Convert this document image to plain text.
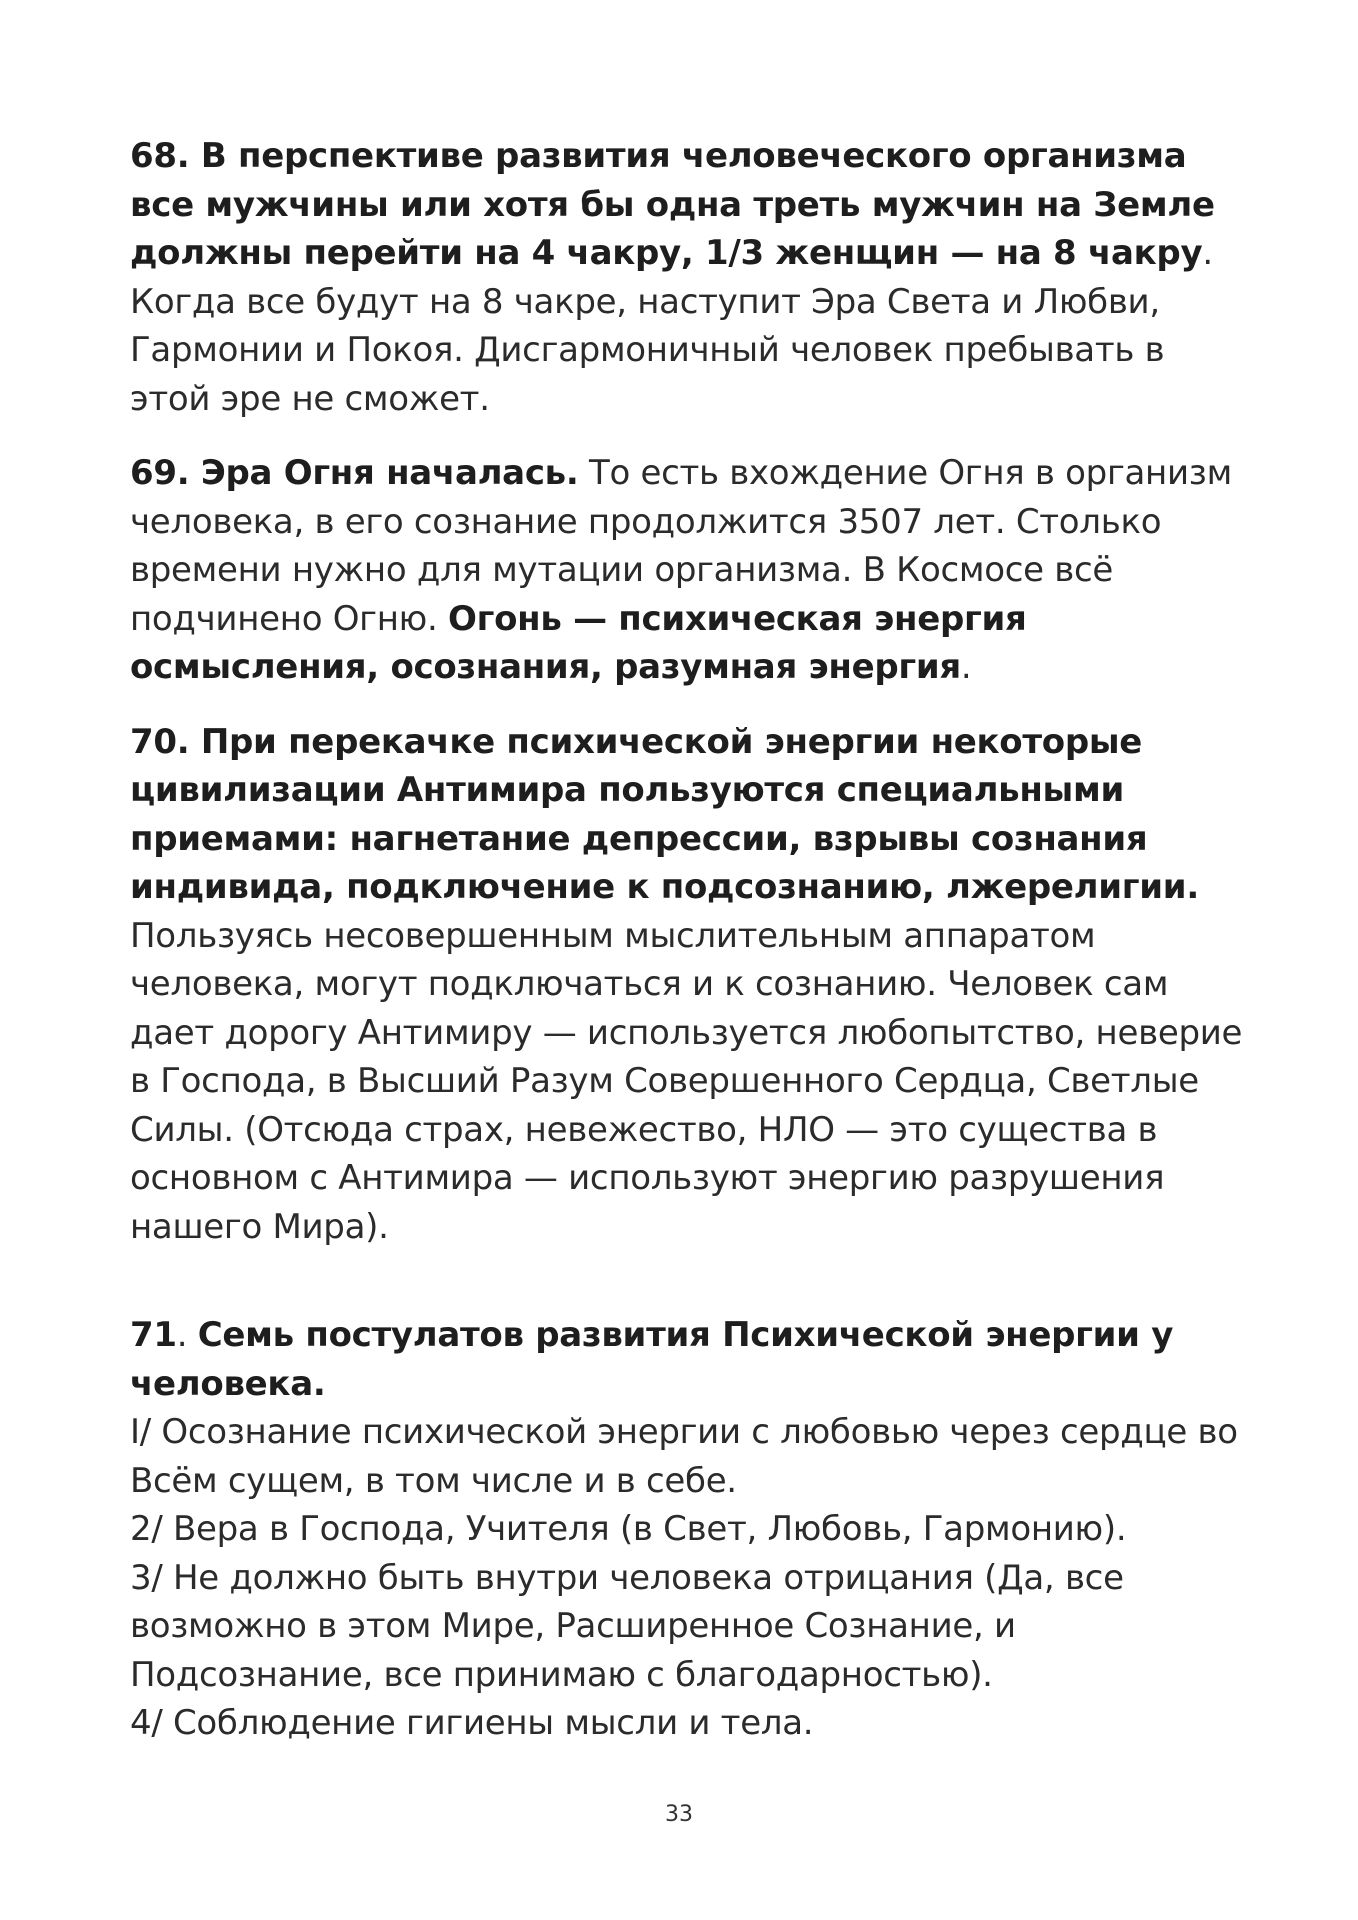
68. В перспективе развития человеческого организма все мужчины или хотя бы одна треть мужчин на Земле должны перейти на 4 чакру, 1/3 женщин — на 8 чакру. Когда все будут на 8 чакре, наступит Эра Света и Любви, Гармонии и Покоя. Дисгармоничный человек пребывать в этой эре не сможет.

69. Эра Огня началась. То есть вхождение Огня в организм человека, в его сознание продолжится 3507 лет. Столько времени нужно для мутации организма. В Космосе всё подчинено Огню. Огонь — психическая энергия осмысления, осознания, разумная энергия.

70. При перекачке психической энергии некоторые цивилизации Антимира пользуются специальными приемами: нагнетание депрессии, взрывы сознания индивида, подключение к подсознанию, лжерелигии. Пользуясь несовершенным мыслительным аппаратом человека, могут подключаться и к сознанию. Человек сам дает дорогу Антимиру — используется любопытство, неверие в Господа, в Высший Разум Совершенного Сердца, Светлые Силы. (Отсюда страх, невежество, НЛО — это существа в основном с Антимира — используют энергию разрушения нашего Мира).

71. Семь постулатов развития Психической энергии у человека.

I/ Осознание психической энергии с любовью через сердце во Всём сущем, в том числе и в себе.

2/ Вера в Господа, Учителя (в Свет, Любовь, Гармонию).

3/ Не должно быть внутри человека отрицания (Да, все возможно в этом Мире, Расширенное Сознание, и Подсознание, все принимаю с благодарностью).

4/ Соблюдение гигиены мысли и тела.

33
